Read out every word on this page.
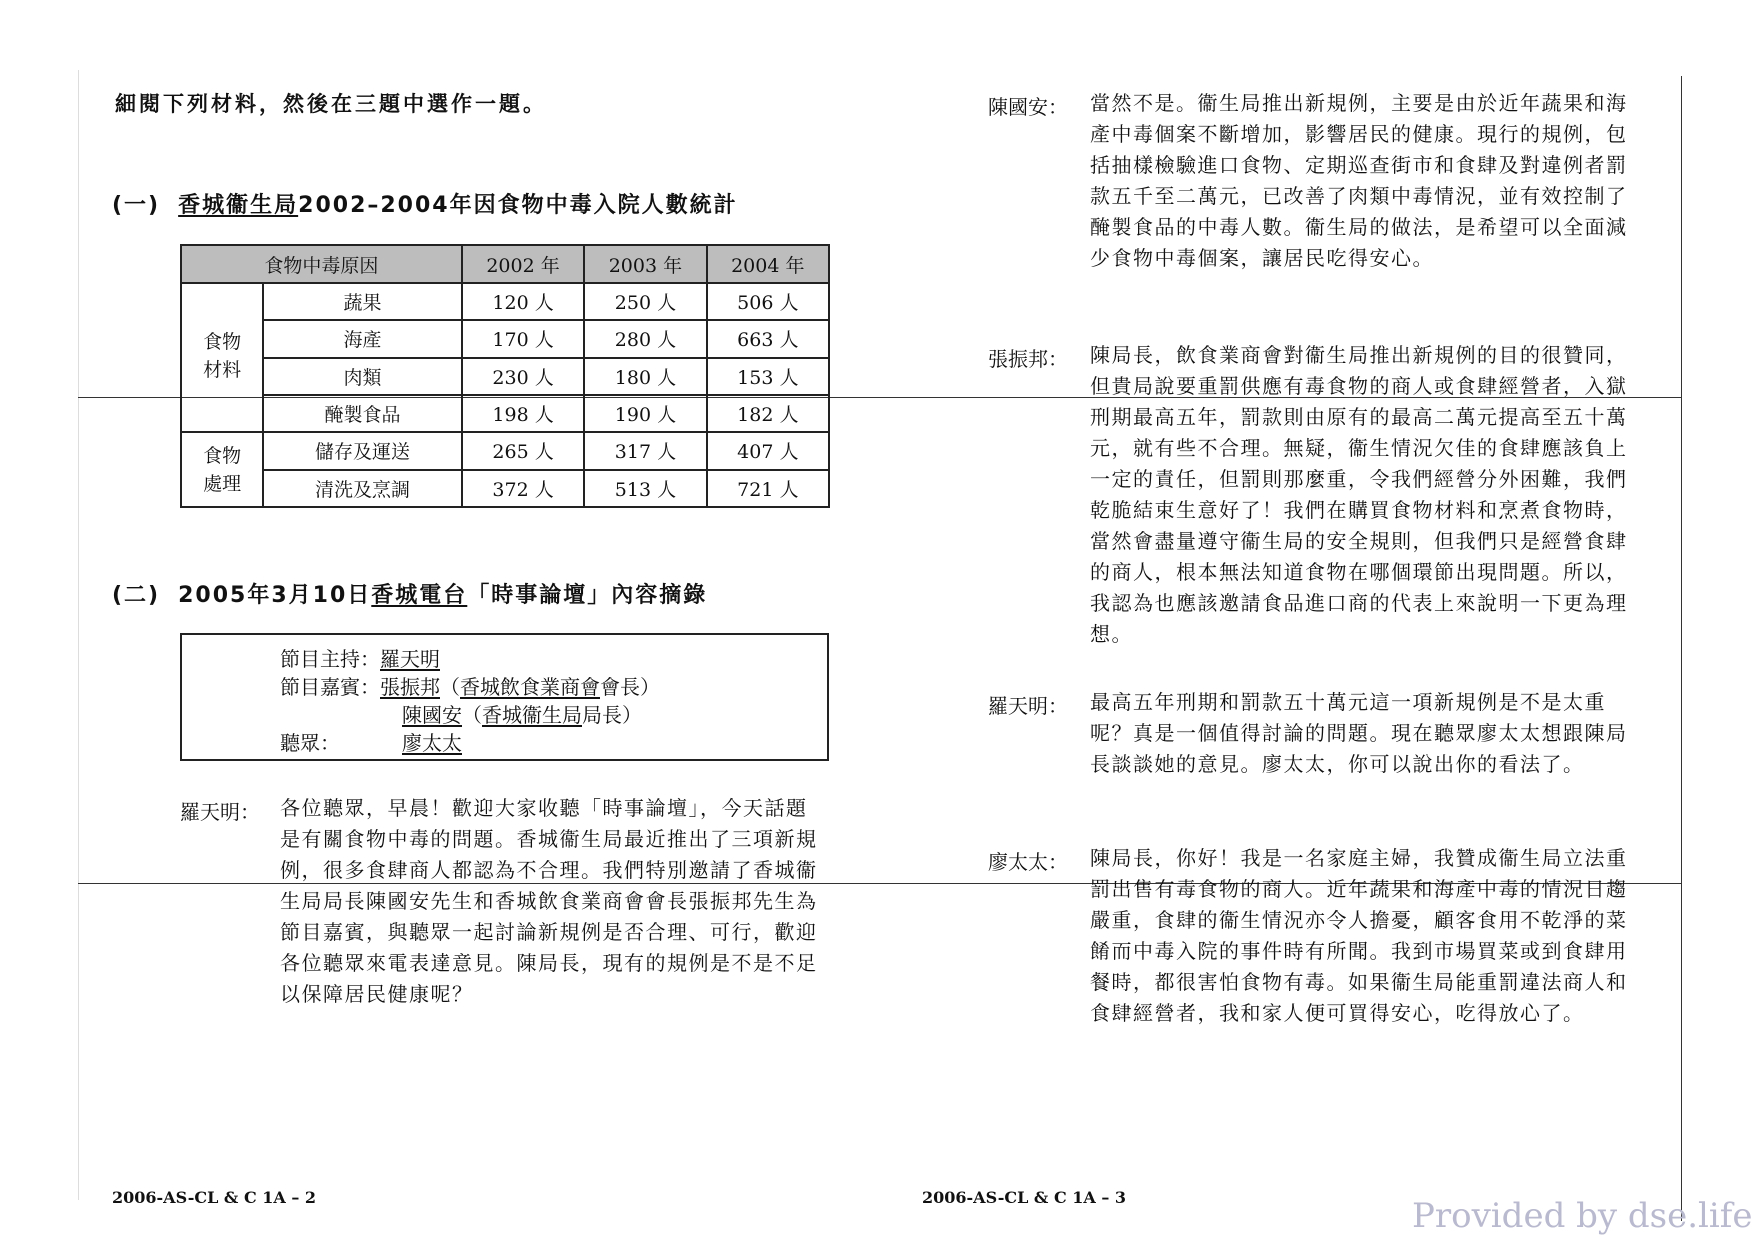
細閱下列材料，然後在三題中選作一題。
(一) 香城衞生局2002–2004年因食物中毒入院人數統計
食物中毒原因		2002 年	2003 年	2004 年
食物
材料	蔬果	120 人	250 人	506 人
	海產	170 人	280 人	663 人
	肉類	230 人	180 人	153 人
	醃製食品	198 人	190 人	182 人
食物
處理	儲存及運送	265 人	317 人	407 人
	清洗及烹調	372 人	513 人	721 人
(二) 2005年3月10日香城電台「時事論壇」內容摘錄
節目主持：羅天明
節目嘉賓：張振邦（香城飲食業商會會長）
陳國安（香城衞生局局長）
聽眾：	廖太太
羅天明： 各位聽眾，早晨！歡迎大家收聽「時事論壇」，今天話題是有關食物中毒的問題。香城衞生局最近推出了三項新規例，很多食肆商人都認為不合理。我們特別邀請了香城衞生局局長陳國安先生和香城飲食業商會會長張振邦先生為節目嘉賓，與聽眾一起討論新規例是否合理、可行，歡迎各位聽眾來電表達意見。陳局長，現有的規例是不是不足以保障居民健康呢？
陳國安： 當然不是。衞生局推出新規例，主要是由於近年蔬果和海產中毒個案不斷增加，影響居民的健康。現行的規例，包括抽樣檢驗進口食物、定期巡查街市和食肆及對違例者罰款五千至二萬元，已改善了肉類中毒情況，並有效控制了醃製食品的中毒人數。衞生局的做法，是希望可以全面減少食物中毒個案，讓居民吃得安心。
張振邦： 陳局長，飲食業商會對衞生局推出新規例的目的很贊同，但貴局說要重罰供應有毒食物的商人或食肆經營者，入獄刑期最高五年，罰款則由原有的最高二萬元提高至五十萬元，就有些不合理。無疑，衞生情況欠佳的食肆應該負上一定的責任，但罰則那麼重，令我們經營分外困難，我們乾脆結束生意好了！我們在購買食物材料和烹煮食物時，當然會盡量遵守衞生局的安全規則，但我們只是經營食肆的商人，根本無法知道食物在哪個環節出現問題。所以，我認為也應該邀請食品進口商的代表上來說明一下更為理想。
羅天明： 最高五年刑期和罰款五十萬元這一項新規例是不是太重呢？真是一個值得討論的問題。現在聽眾廖太太想跟陳局長談談她的意見。廖太太，你可以說出你的看法了。
廖太太： 陳局長，你好！我是一名家庭主婦，我贊成衞生局立法重罰出售有毒食物的商人。近年蔬果和海產中毒的情況日趨嚴重，食肆的衞生情況亦令人擔憂，顧客食用不乾淨的菜餚而中毒入院的事件時有所聞。我到市場買菜或到食肆用餐時，都很害怕食物有毒。如果衞生局能重罰違法商人和食肆經營者，我和家人便可買得安心，吃得放心了。
2006-AS-CL & C 1A – 2	2006-AS-CL & C 1A – 3	Provided by dse.life
